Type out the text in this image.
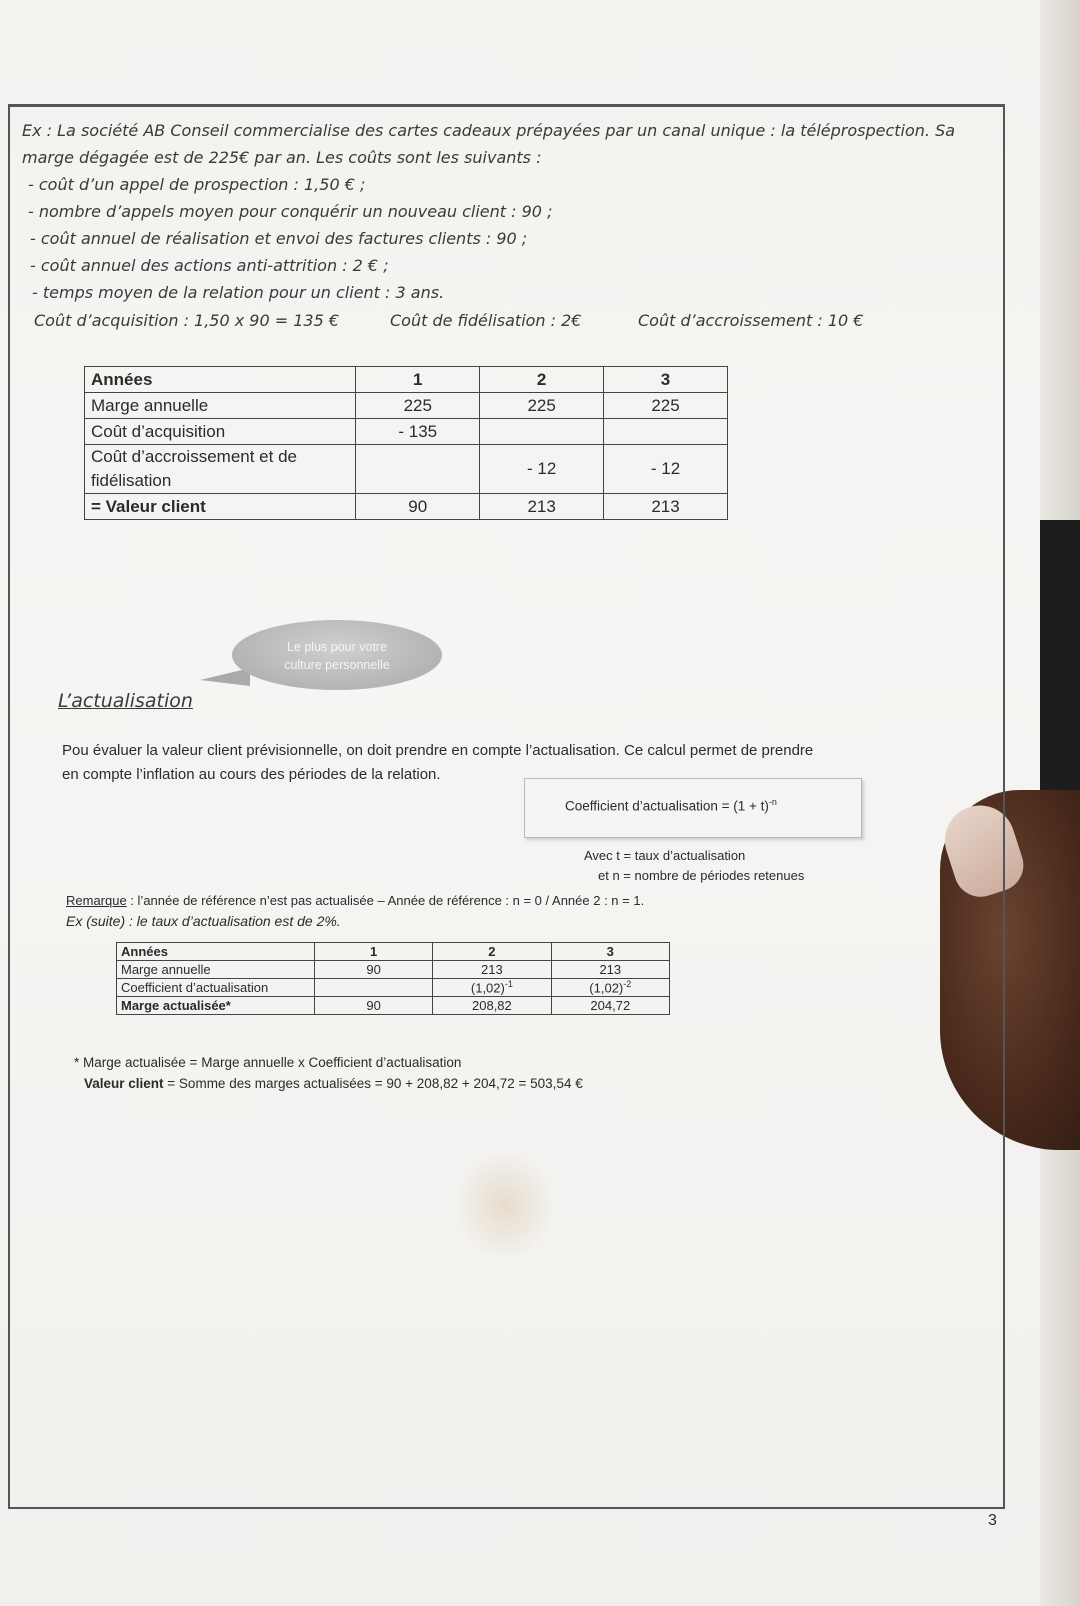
Ex : La société AB Conseil commercialise des cartes cadeaux prépayées par un canal unique : la téléprospection. Sa
marge dégagée est de 225€ par an. Les coûts sont les suivants :
- coût d’un appel de prospection : 1,50 € ;
- nombre d’appels moyen pour conquérir un nouveau client : 90 ;
- coût annuel de réalisation et envoi des factures clients : 90 ;
- coût annuel des actions anti-attrition : 2 € ;
- temps moyen de la relation pour un client : 3 ans.
Coût d’acquisition : 1,50 x 90 = 135 €	Coût de fidélisation : 2€	Coût d’accroissement : 10 €
Années	1	2	3
Marge annuelle	225	225	225
Coût d’acquisition	- 135		
Coût d’accroissement et de fidélisation		- 12	- 12
= Valeur client	90	213	213
Le plus pour votre
culture personnelle
L’actualisation
Pou évaluer la valeur client prévisionnelle, on doit prendre en compte l’actualisation. Ce calcul permet de prendre
en compte l’inflation au cours des périodes de la relation.
Coefficient d’actualisation = $(1 + t)^{-n}$
Avec t = taux d’actualisation
et n = nombre de périodes retenues
Remarque : l’année de référence n’est pas actualisée – Année de référence : n = 0 / Année 2 : n = 1.
Ex (suite) : le taux d’actualisation est de 2%.
Années	1	2	3
Marge annuelle	90	213	213
Coefficient d’actualisation		$(1,02)^{-1}$	$(1,02)^{-2}$
Marge actualisée*	90	208,82	204,72
* Marge actualisée = Marge annuelle x Coefficient d’actualisation
Valeur client = Somme des marges actualisées = 90 + 208,82 + 204,72 = 503,54 €
3
